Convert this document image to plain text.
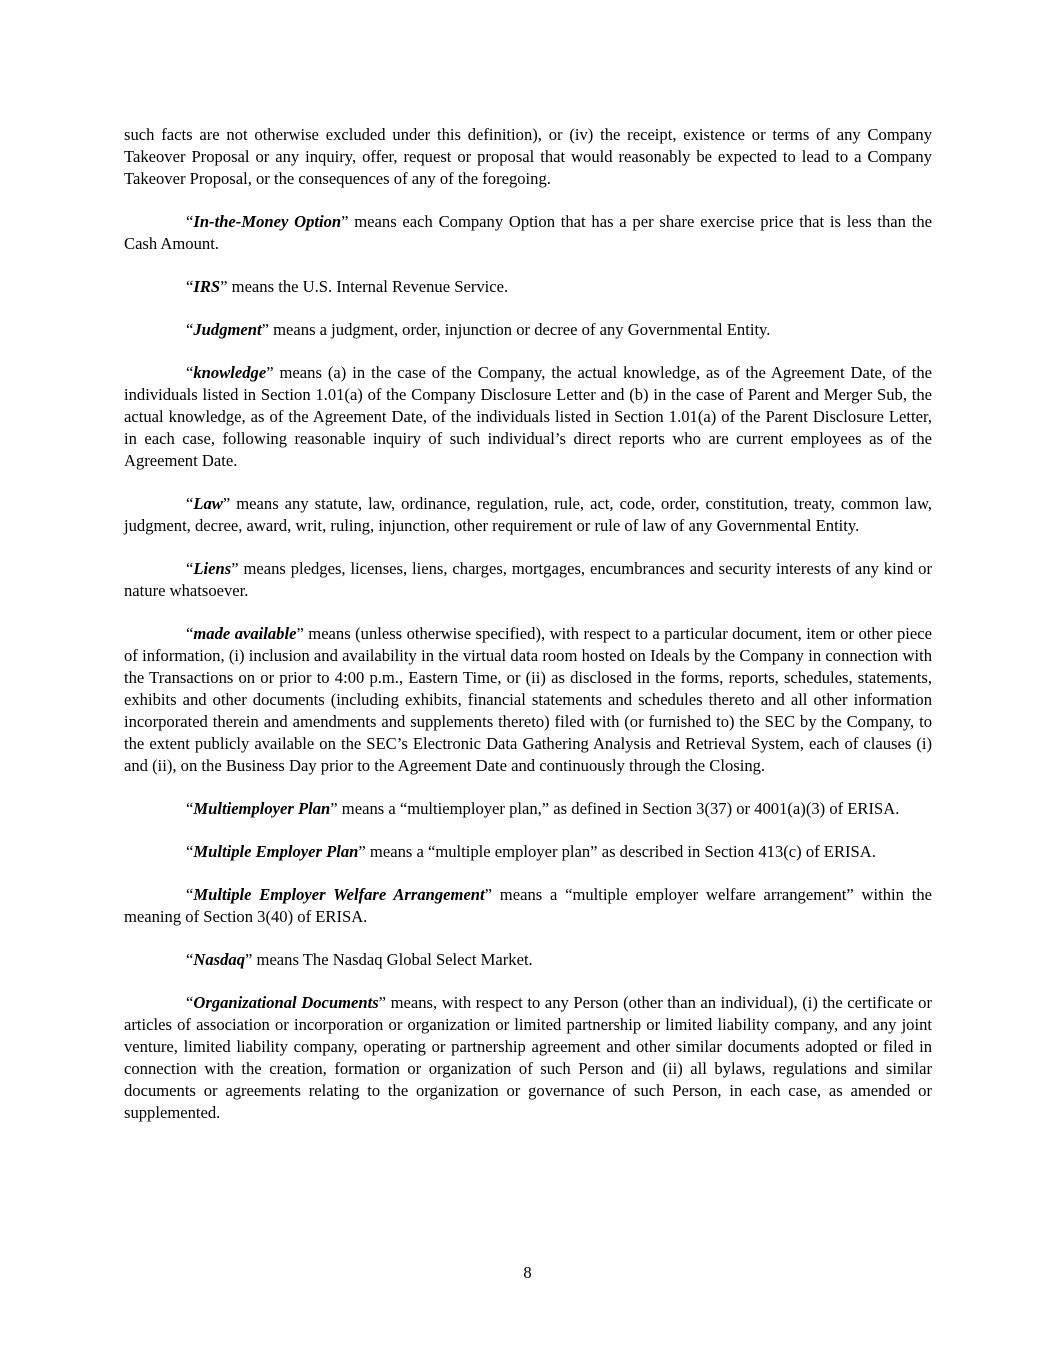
such facts are not otherwise excluded under this definition), or (iv) the receipt, existence or terms of any Company Takeover Proposal or any inquiry, offer, request or proposal that would reasonably be expected to lead to a Company Takeover Proposal, or the consequences of any of the foregoing.

“In-the-Money Option” means each Company Option that has a per share exercise price that is less than the Cash Amount.

“IRS” means the U.S. Internal Revenue Service.

“Judgment” means a judgment, order, injunction or decree of any Governmental Entity.

“knowledge” means (a) in the case of the Company, the actual knowledge, as of the Agreement Date, of the individuals listed in Section 1.01(a) of the Company Disclosure Letter and (b) in the case of Parent and Merger Sub, the actual knowledge, as of the Agreement Date, of the individuals listed in Section 1.01(a) of the Parent Disclosure Letter, in each case, following reasonable inquiry of such individual’s direct reports who are current employees as of the Agreement Date.

“Law” means any statute, law, ordinance, regulation, rule, act, code, order, constitution, treaty, common law, judgment, decree, award, writ, ruling, injunction, other requirement or rule of law of any Governmental Entity.

“Liens” means pledges, licenses, liens, charges, mortgages, encumbrances and security interests of any kind or nature whatsoever.

“made available” means (unless otherwise specified), with respect to a particular document, item or other piece of information, (i) inclusion and availability in the virtual data room hosted on Ideals by the Company in connection with the Transactions on or prior to 4:00 p.m., Eastern Time, or (ii) as disclosed in the forms, reports, schedules, statements, exhibits and other documents (including exhibits, financial statements and schedules thereto and all other information incorporated therein and amendments and supplements thereto) filed with (or furnished to) the SEC by the Company, to the extent publicly available on the SEC’s Electronic Data Gathering Analysis and Retrieval System, each of clauses (i) and (ii), on the Business Day prior to the Agreement Date and continuously through the Closing.

“Multiemployer Plan” means a “multiemployer plan,” as defined in Section 3(37) or 4001(a)(3) of ERISA.

“Multiple Employer Plan” means a “multiple employer plan” as described in Section 413(c) of ERISA.

“Multiple Employer Welfare Arrangement” means a “multiple employer welfare arrangement” within the meaning of Section 3(40) of ERISA.

“Nasdaq” means The Nasdaq Global Select Market.

“Organizational Documents” means, with respect to any Person (other than an individual), (i) the certificate or articles of association or incorporation or organization or limited partnership or limited liability company, and any joint venture, limited liability company, operating or partnership agreement and other similar documents adopted or filed in connection with the creation, formation or organization of such Person and (ii) all bylaws, regulations and similar documents or agreements relating to the organization or governance of such Person, in each case, as amended or supplemented.

8
